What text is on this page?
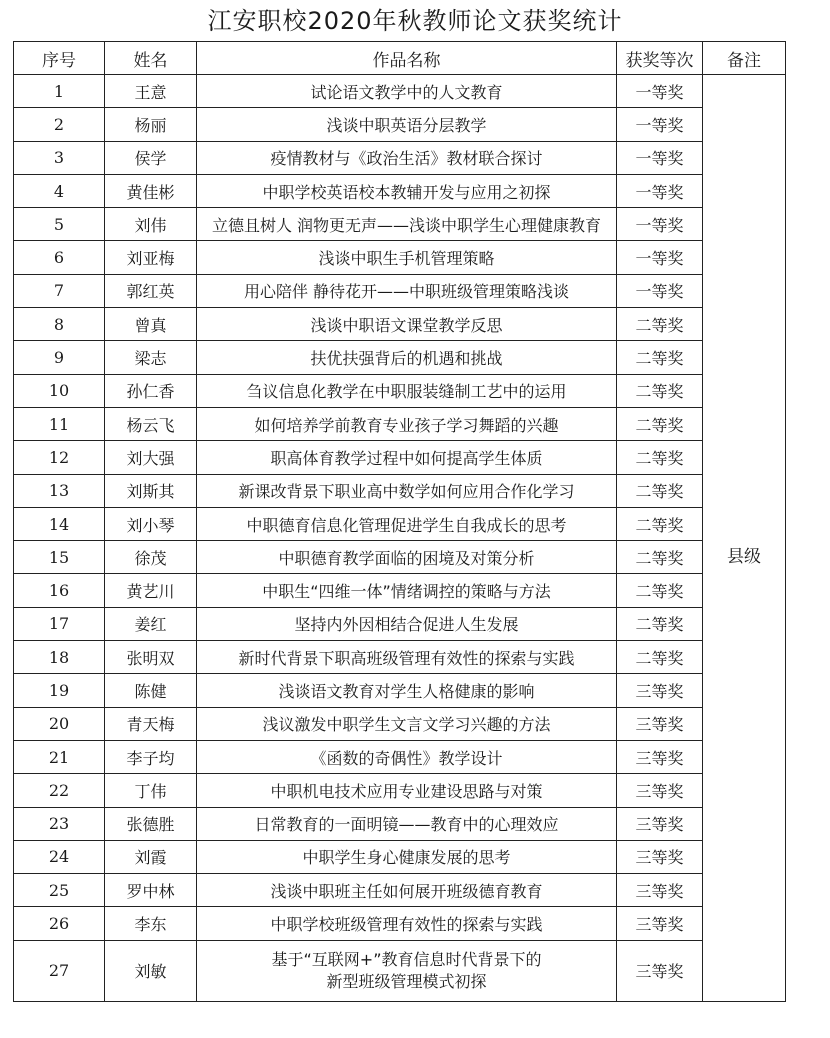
江安职校2020年秋教师论文获奖统计
序号	姓名	作品名称	获奖等次	备注
1	王意	试论语文教学中的人文教育	一等奖	
2	杨丽	浅谈中职英语分层教学	一等奖	县级
3	侯学	疫情教材与《政治生活》教材联合探讨	一等奖	
4	黄佳彬	中职学校英语校本教辅开发与应用之初探	一等奖	
5	刘伟	立德且树人 润物更无声——浅谈中职学生心理健康教育	一等奖	
6	刘亚梅	浅谈中职生手机管理策略	一等奖	
7	郭红英	用心陪伴 静待花开——中职班级管理策略浅谈	一等奖	
8	曾真	浅谈中职语文课堂教学反思	二等奖	
9	梁志	扶优扶强背后的机遇和挑战	二等奖	
10	孙仁香	刍议信息化教学在中职服装缝制工艺中的运用	二等奖	
11	杨云飞	如何培养学前教育专业孩子学习舞蹈的兴趣	二等奖	
12	刘大强	职高体育教学过程中如何提高学生体质	二等奖	
13	刘斯其	新课改背景下职业高中数学如何应用合作化学习	二等奖	
14	刘小琴	中职德育信息化管理促进学生自我成长的思考	二等奖	
15	徐茂	中职德育教学面临的困境及对策分析	二等奖	
16	黄艺川	中职生“四维一体”情绪调控的策略与方法	二等奖	
17	姜红	坚持内外因相结合促进人生发展	二等奖	
18	张明双	新时代背景下职高班级管理有效性的探索与实践	二等奖	
19	陈健	浅谈语文教育对学生人格健康的影响	三等奖	
20	青天梅	浅议激发中职学生文言文学习兴趣的方法	三等奖	
21	李子均	《函数的奇偶性》教学设计	三等奖	
22	丁伟	中职机电技术应用专业建设思路与对策	三等奖	
23	张德胜	日常教育的一面明镜——教育中的心理效应	三等奖	
24	刘霞	中职学生身心健康发展的思考	三等奖	
25	罗中林	浅谈中职班主任如何展开班级德育教育	三等奖	
26	李东	中职学校班级管理有效性的探索与实践	三等奖	
27	刘敏	基于“互联网+”教育信息时代背景下的
新型班级管理模式初探	三等奖	
